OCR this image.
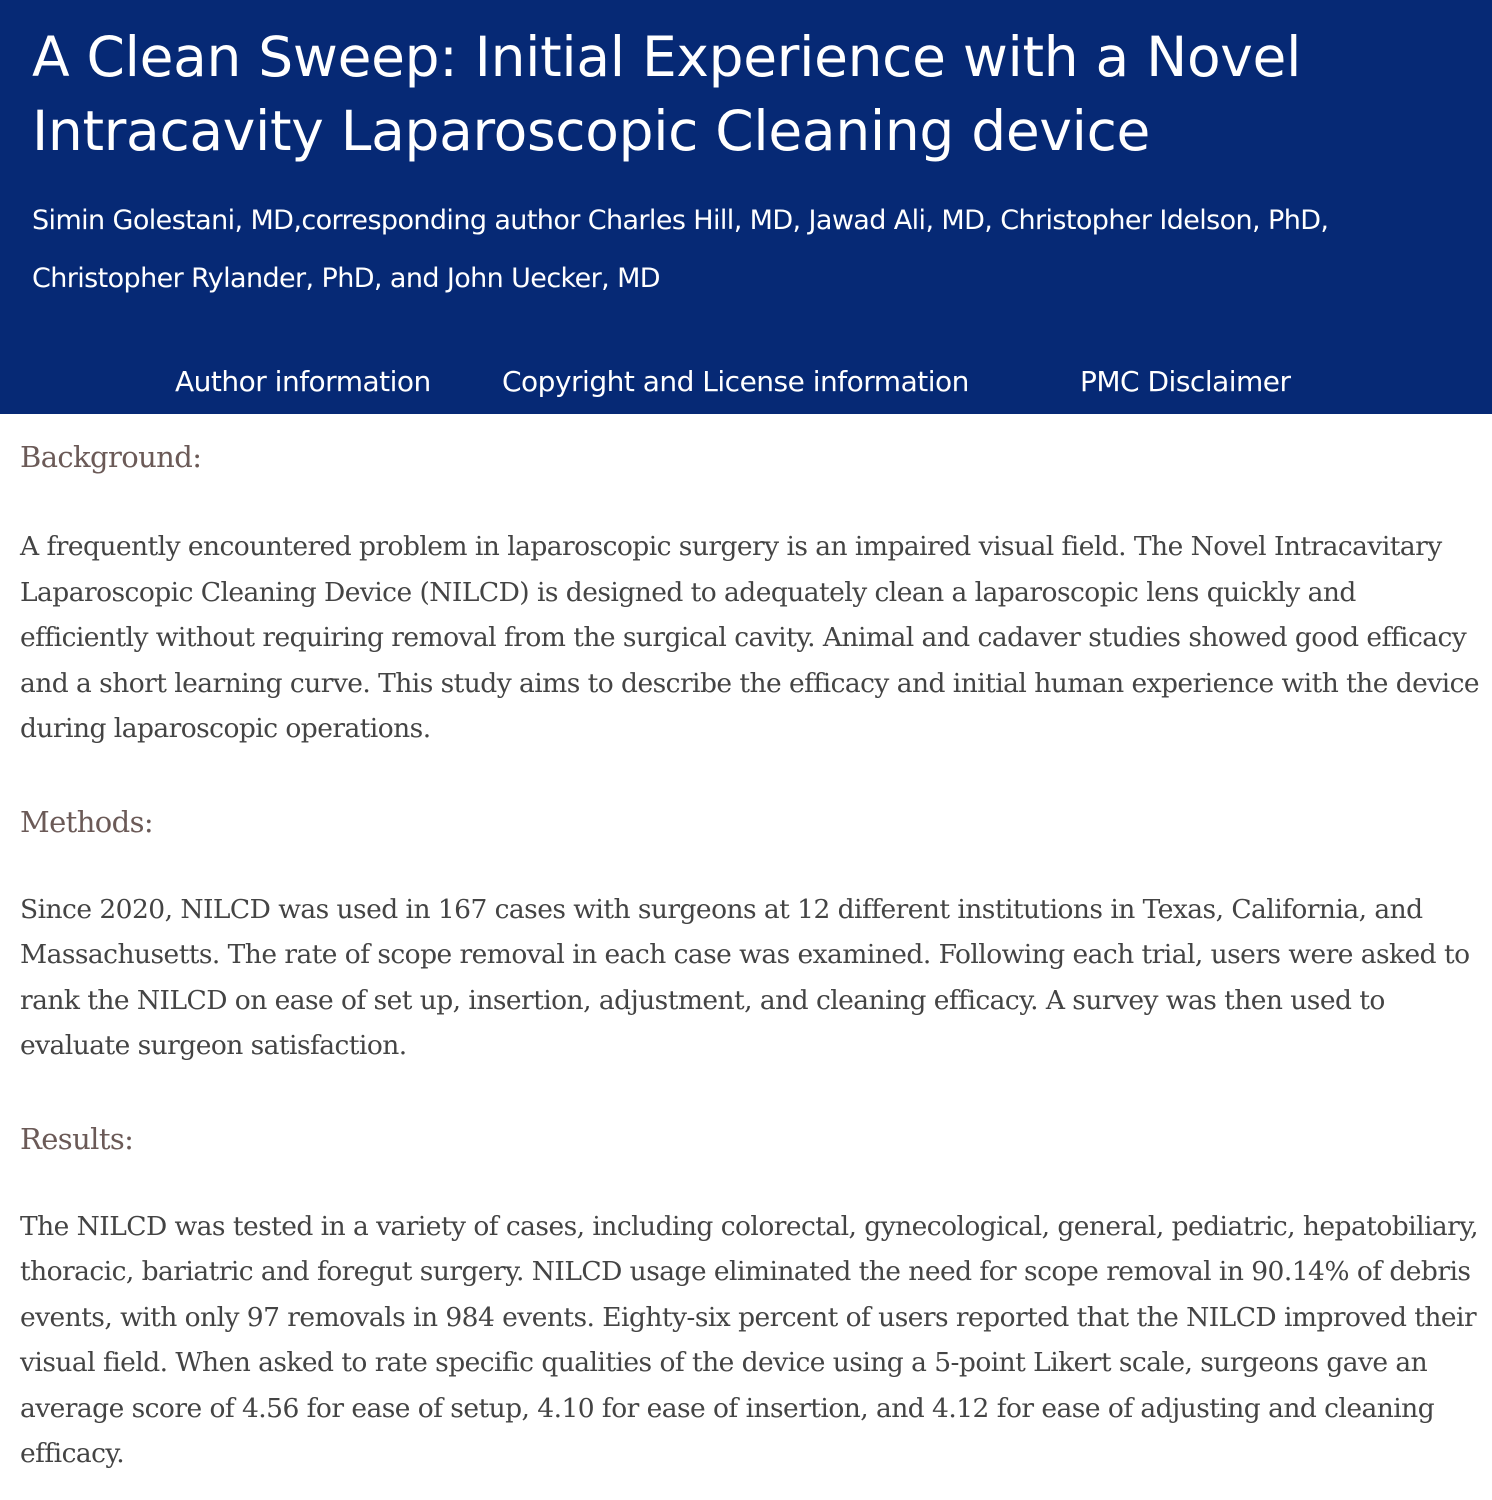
A Clean Sweep: Initial Experience with a Novel Intracavity Laparoscopic Cleaning device

Simin Golestani, MD,corresponding author Charles Hill, MD, Jawad Ali, MD, Christopher Idelson, PhD, Christopher Rylander, PhD, and John Uecker, MD

Author information	Copyright and License information	PMC Disclaimer
Background:

A frequently encountered problem in laparoscopic surgery is an impaired visual field. The Novel Intracavitary Laparoscopic Cleaning Device (NILCD) is designed to adequately clean a laparoscopic lens quickly and efficiently without requiring removal from the surgical cavity. Animal and cadaver studies showed good efficacy and a short learning curve. This study aims to describe the efficacy and initial human experience with the device during laparoscopic operations.

Methods:

Since 2020, NILCD was used in 167 cases with surgeons at 12 different institutions in Texas, California, and Massachusetts. The rate of scope removal in each case was examined. Following each trial, users were asked to rank the NILCD on ease of set up, insertion, adjustment, and cleaning efficacy. A survey was then used to evaluate surgeon satisfaction.

Results:

The NILCD was tested in a variety of cases, including colorectal, gynecological, general, pediatric, hepatobiliary, thoracic, bariatric and foregut surgery. NILCD usage eliminated the need for scope removal in 90.14% of debris events, with only 97 removals in 984 events. Eighty-six percent of users reported that the NILCD improved their visual field. When asked to rate specific qualities of the device using a 5-point Likert scale, surgeons gave an average score of 4.56 for ease of setup, 4.10 for ease of insertion, and 4.12 for ease of adjusting and cleaning efficacy.
